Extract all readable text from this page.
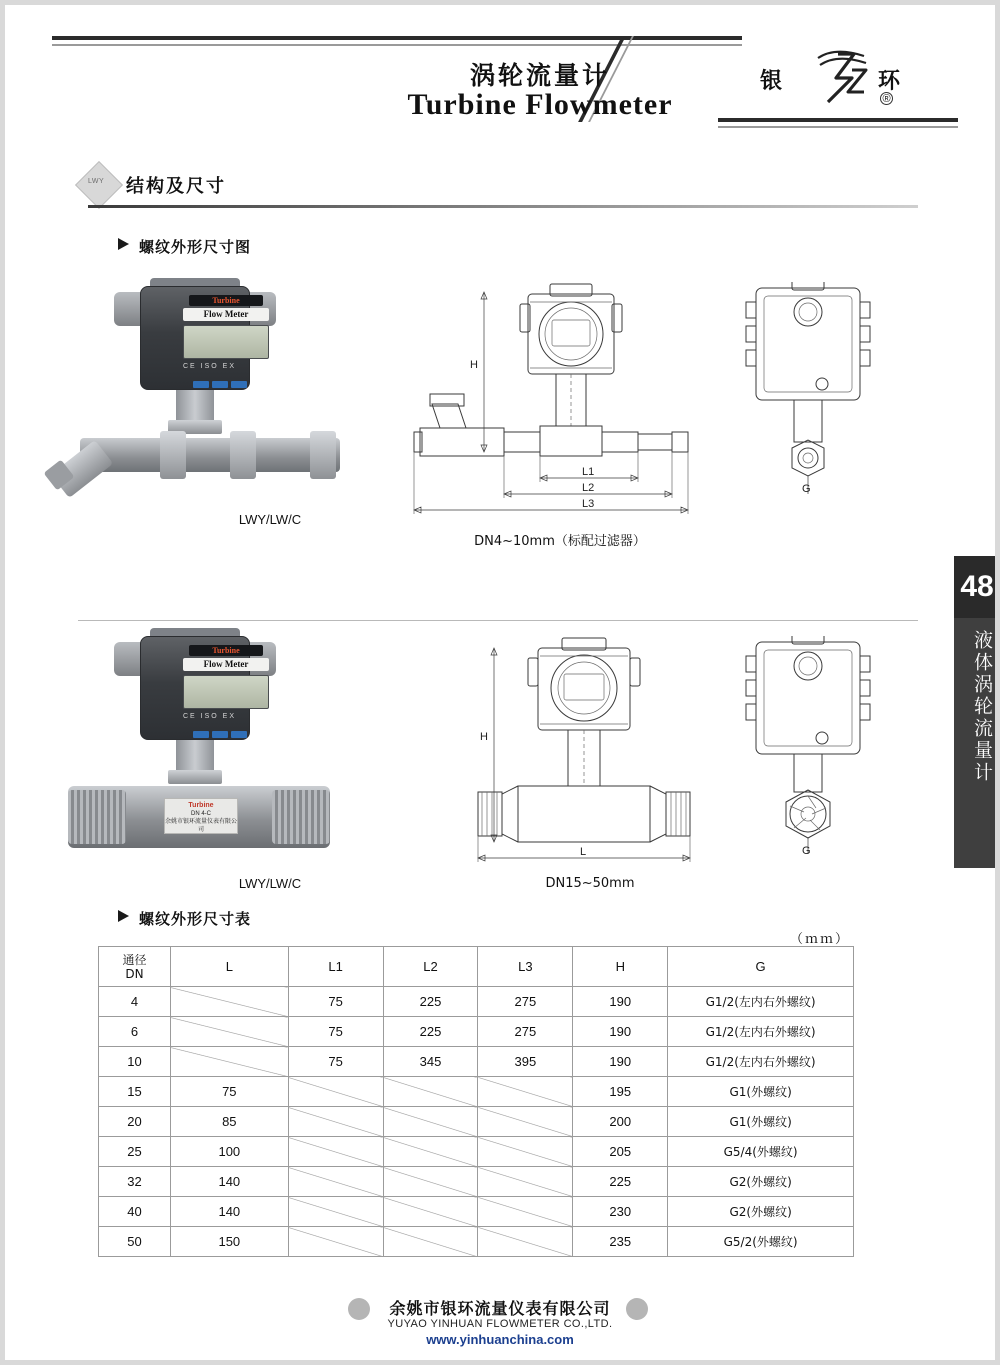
涡轮流量计
Turbine Flowmeter
银	环
®
LWY 结构及尺寸
螺纹外形尺寸图
Turbine
Flow Meter
CE ISO EX
LWY/LW/C
H
L1
L2
L3
G
DN4~10mm（标配过滤器）
Turbine
Flow Meter
CE ISO EX
Turbine
DN 4-C
余姚市银环流量仪表有限公司
LWY/LW/C
H
L	G
DN15~50mm
螺纹外形尺寸表
48
液体涡轮流量计
（ｍｍ）
通径
DN	L	L1	L2	L3	H	G
4		75	225	275	190	G1/2(左内右外螺纹)
6		75	225	275	190	G1/2(左内右外螺纹)
10		75	345	395	190	G1/2(左内右外螺纹)
15	75				195	G1(外螺纹)
20	85				200	G1(外螺纹)
25	100				205	G5/4(外螺纹)
32	140				225	G2(外螺纹)
40	140				230	G2(外螺纹)
50	150				235	G5/2(外螺纹)
余姚市银环流量仪表有限公司
YUYAO YINHUAN FLOWMETER CO.,LTD.
www.yinhuanchina.com
